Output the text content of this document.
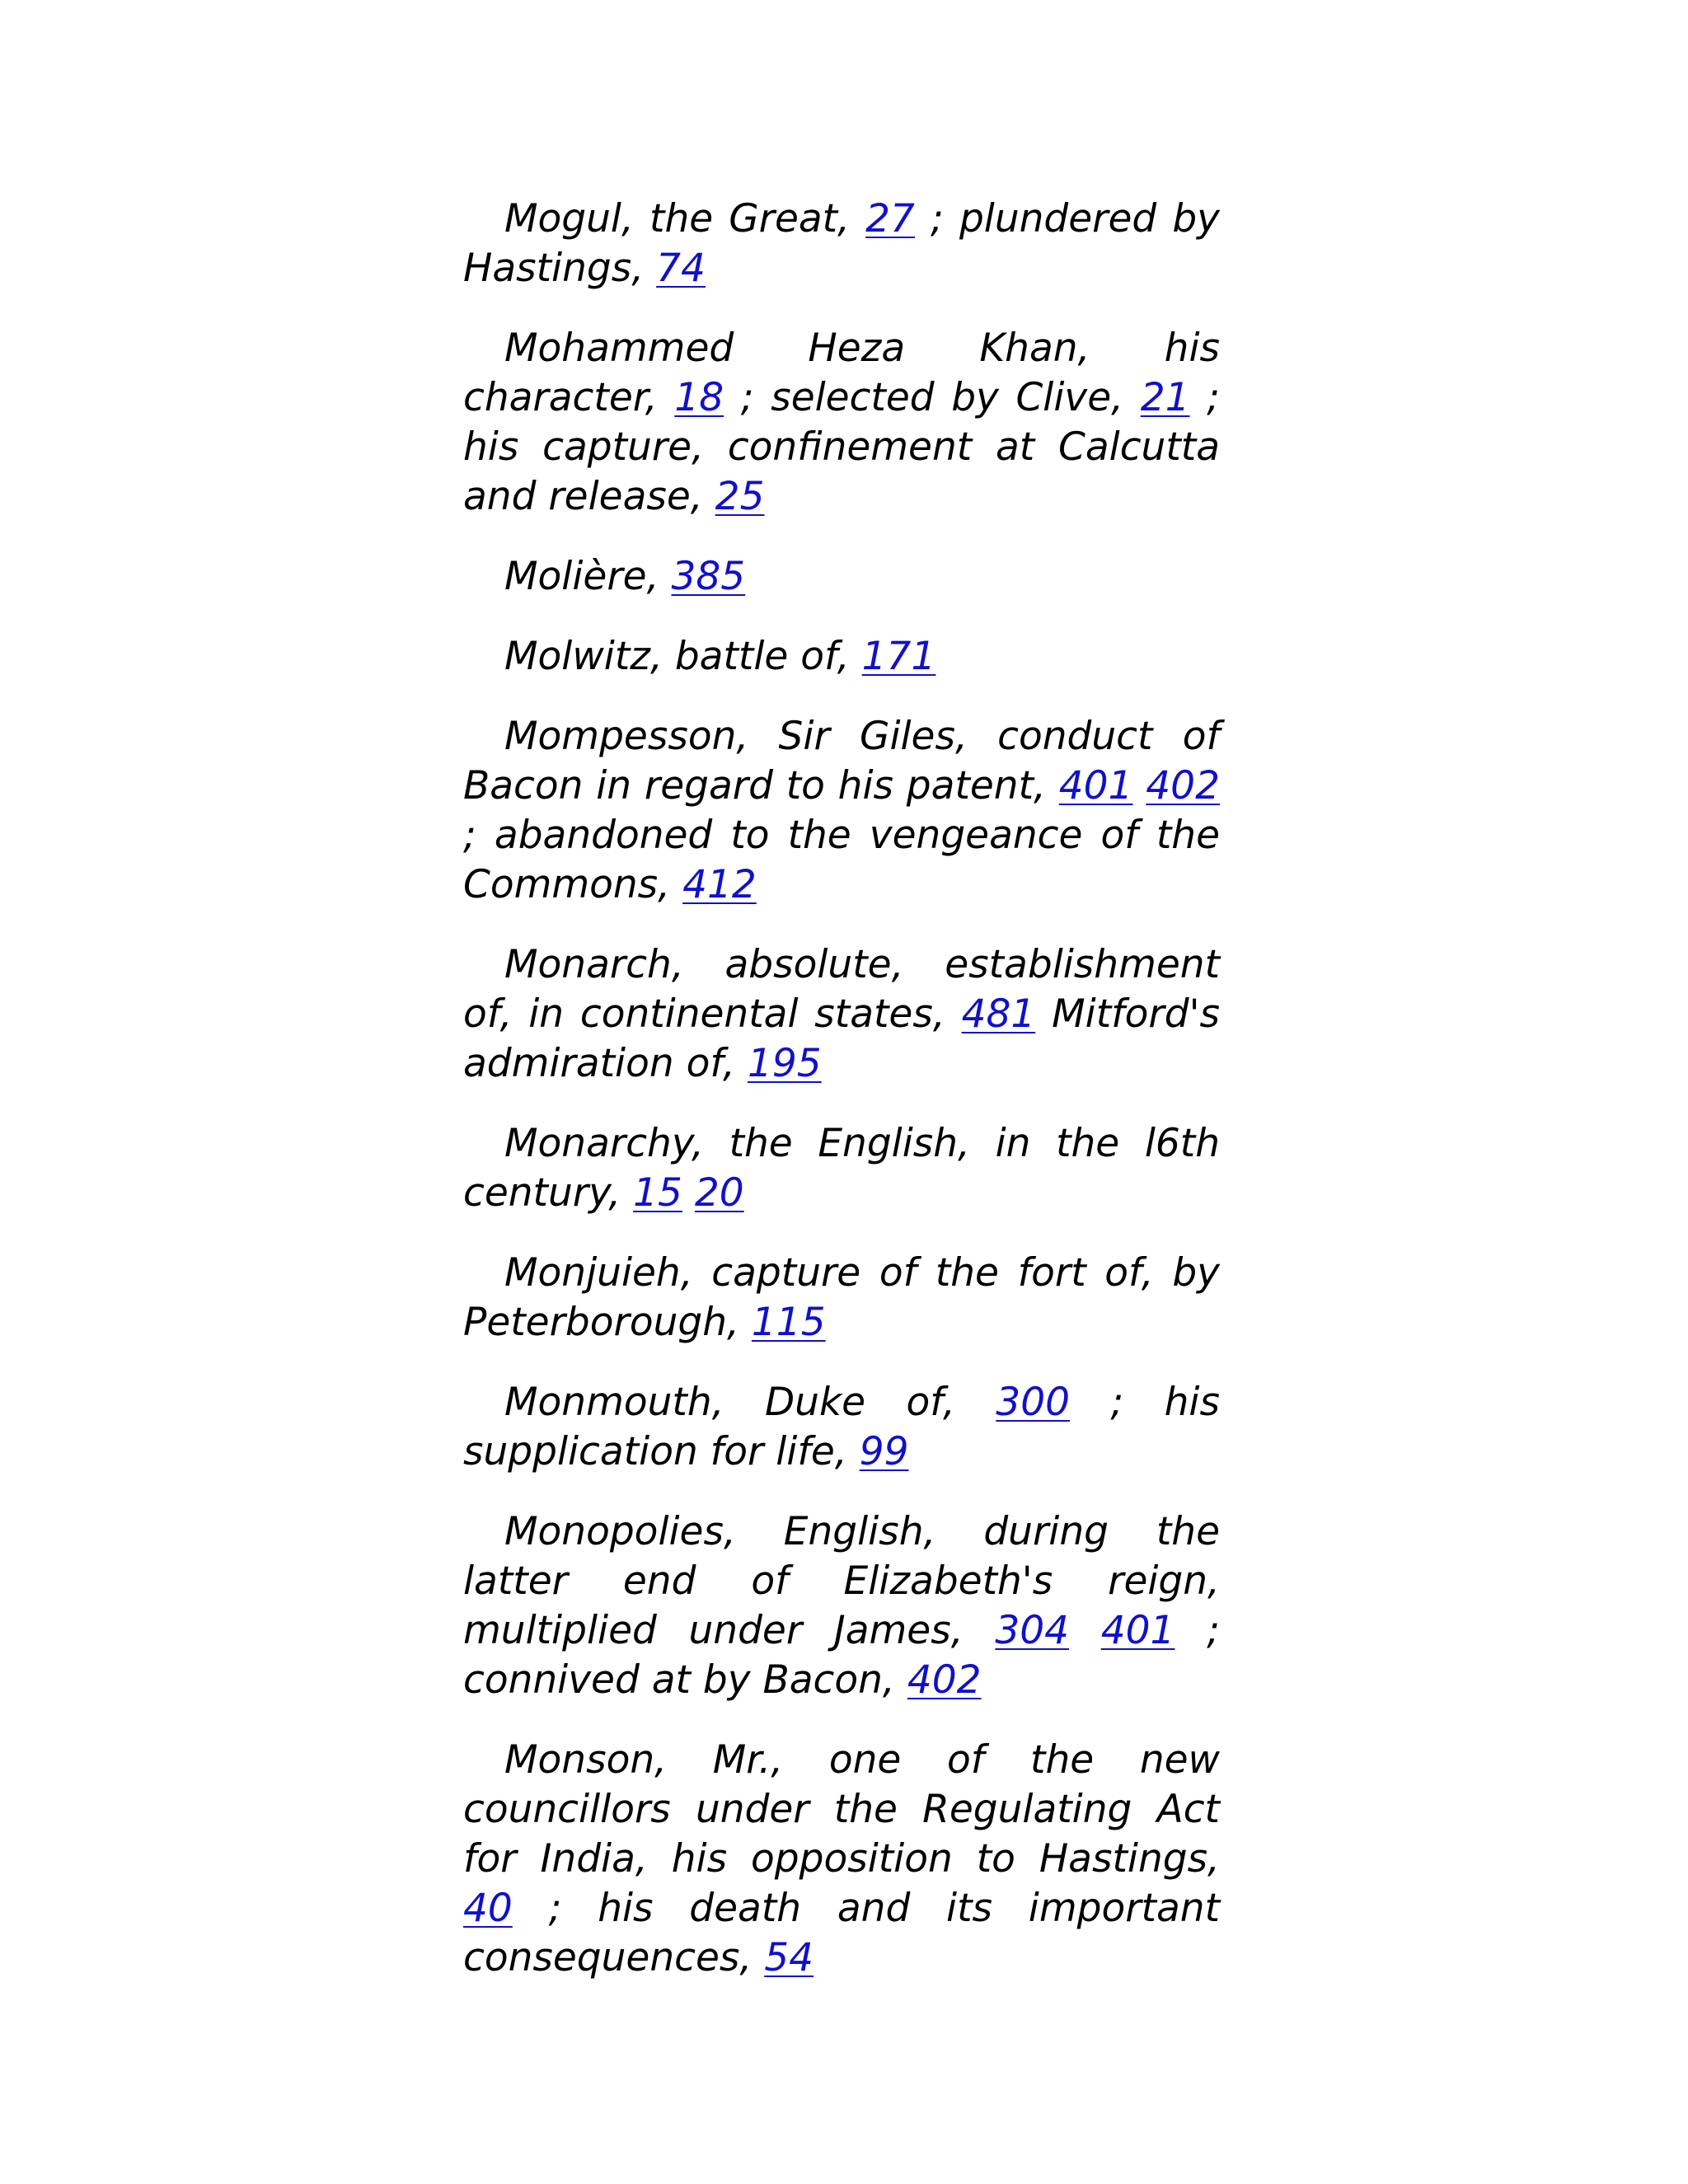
Mogul, the Great, 27 ; plundered by Hastings, 74

Mohammed Heza Khan, his character, 18 ; selected by Clive, 21 ; his capture, confinement at Calcutta and release, 25

Molière, 385

Molwitz, battle of, 171

Mompesson, Sir Giles, conduct of Bacon in regard to his patent, 401 402 ; abandoned to the vengeance of the Commons, 412

Monarch, absolute, establishment of, in continental states, 481 Mitford's admiration of, 195

Monarchy, the English, in the l6th century, 15 20

Monjuieh, capture of the fort of, by Peterborough, 115

Monmouth, Duke of, 300 ; his supplication for life, 99

Monopolies, English, during the latter end of Elizabeth's reign, multiplied under James, 304 401 ; connived at by Bacon, 402

Monson, Mr., one of the new councillors under the Regulating Act for India, his opposition to Hastings, 40 ; his death and its important consequences, 54
